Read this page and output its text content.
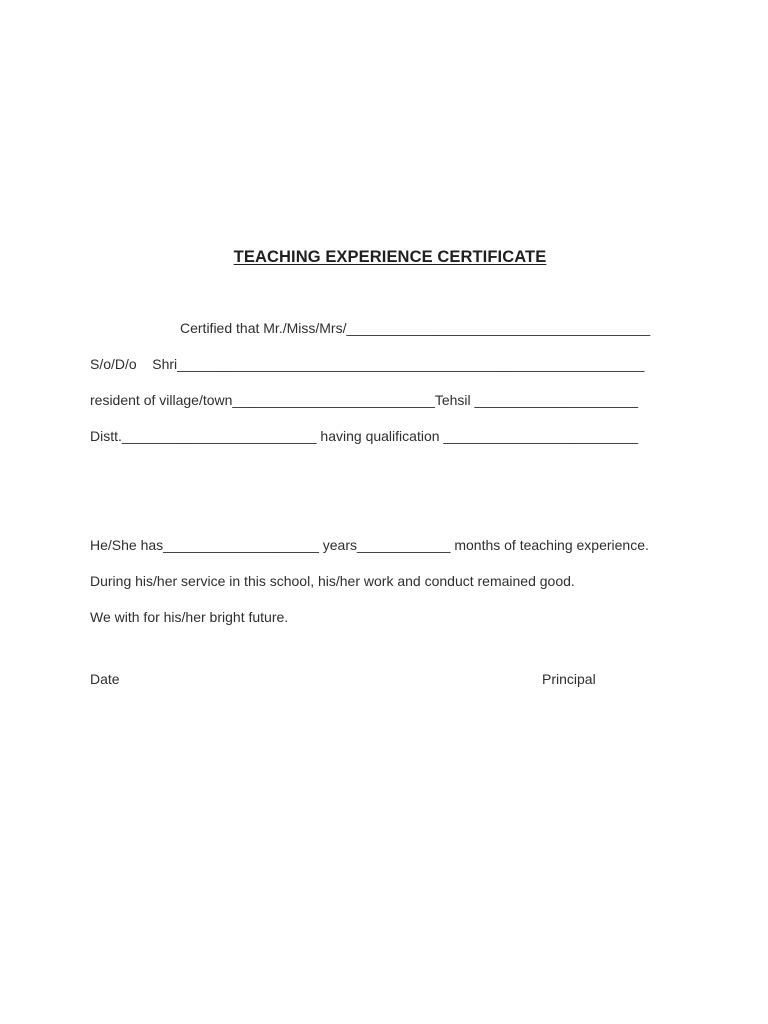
TEACHING EXPERIENCE CERTIFICATE
Certified that Mr./Miss/Mrs/_______________________________________
S/o/D/o    Shri____________________________________________________________
resident of village/town__________________________Tehsil _____________________
Distt._________________________ having qualification _________________________
He/She has____________________ years____________ months of teaching experience.
During his/her service in this school, his/her work and conduct remained good.
We with for his/her bright future.
Date	Principal
